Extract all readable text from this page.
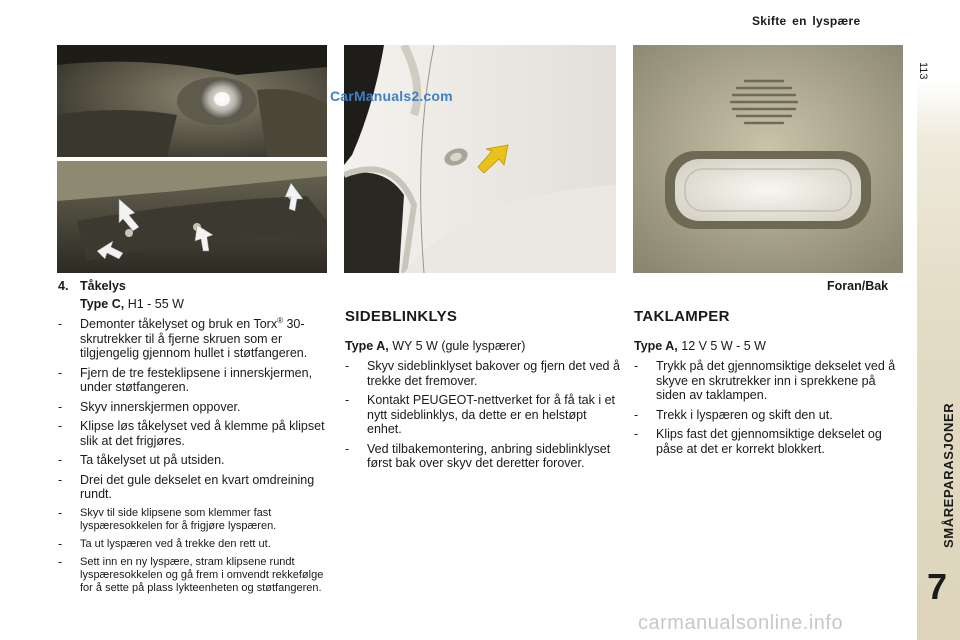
Skifte en lyspære
113
SMÅREPARASJONER
7
CarManuals2.com
4. Tåkelys
Type C, H1 - 55 W
-	Demonter tåkelyset og bruk en Torx® 30-skrutrekker til å fjerne skruen som er tilgjengelig gjennom hullet i støtfangeren.
-	Fjern de tre festeklipsene i innerskjermen, under støtfangeren.
-	Skyv innerskjermen oppover.
-	Klipse løs tåkelyset ved å klemme på klipset slik at det frigjøres.
-	Ta tåkelyset ut på utsiden.
-	Drei det gule dekselet en kvart omdreining rundt.
-	Skyv til side klipsene som klemmer fast lyspæresokkelen for å frigjøre lyspæren.
-	Ta ut lyspæren ved å trekke den rett ut.
-	Sett inn en ny lyspære, stram klipsene rundt lyspæresokkelen og gå frem i omvendt rekkefølge for å sette på plass lykteenheten og støtfangeren.
SIDEBLINKLYS
Type A, WY 5 W (gule lyspærer)
-	Skyv sideblinklyset bakover og fjern det ved å trekke det fremover.
-	Kontakt PEUGEOT-nettverket for å få tak i et nytt sideblinklys, da dette er en helstøpt enhet.
-	Ved tilbakemontering, anbring sideblinklyset først bak over skyv det deretter forover.
Foran/Bak
TAKLAMPER
Type A, 12 V 5 W - 5 W
-	Trykk på det gjennomsiktige dekselet ved å skyve en skrutrekker inn i sprekkene på siden av taklampen.
-	Trekk i lyspæren og skift den ut.
-	Klips fast det gjennomsiktige dekselet og påse at det er korrekt blokkert.
carmanualsonline.info
